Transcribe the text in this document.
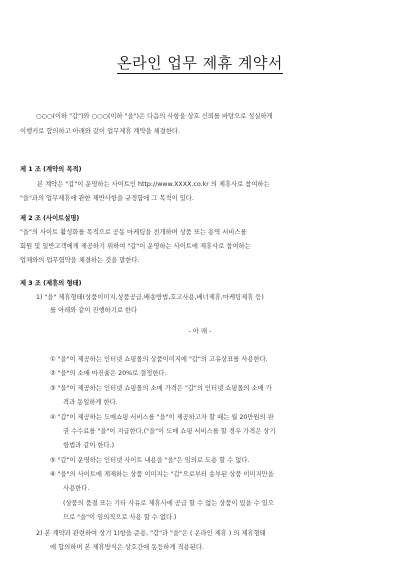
온라인 업무 제휴 계약서
○○○(이하 "갑")와 ○○○(이하 "을")은 다음의 사항을 상호 신뢰를 바탕으로 성실하게
이행키로 합의하고 아래와 같이 업무제휴 계약을 체결한다.
제 1 조 (계약의 목적)
본 계약은 "갑"이 운영하는 사이트인 http://www.XXXX.co.kr 의 제휴사로 참여하는
"을"과의 업무제휴에 관한 제반사항을 규정함에 그 목적이 있다.
제 2 조 (사이트설명)
"을"의 사이트 활성화를 목적으로 공동 마케팅을 전개하며 상품 또는 용역 서비스를
회원 및 일반고객에게 제공하기 위하여 "갑"이 운영하는 사이트에 제휴사로 참여하는
업체와의 업무협약을 체결하는 것을 말한다.
제 3 조 (제휴의 형태)
1) "을" 제휴형태(상품이미지,상품공급,배송방법,호고사용,배너제휴,마케팅제휴 등)
를 아래와 같이 진행하기로 한다
- 아 래 -
① "을"이 제공하는 인터넷 쇼핑몰의 상품이미지에 "갑"의 고유상표를 사용한다.
② "을"의 소매 마진율은 20%로 결정한다.
③ "을"이 제공하는 인터넷 쇼핑몰의 소매 가격은 "갑"의 인터넷 쇼핑몰의 소매 가
격과 동일하게 한다.
④ "갑"이 제공하는 도매쇼핑 서비스를 "을"이 제공하고자 할 때는 월 20만원의 판
권 수수료를 "을"이 지급한다.("을"이 도매 쇼핑 서비스를 할 경우 가격은 상기
항법과 같이 한다.)
⑤ "갑"이 운영하는 인터넷 사이트 내용을 "을"은 임의로 도용 할 수 없다.
⑥ "을"의 사이트에 게재하는 상품 이미지는 "갑"으로부터 송부된 상품 이미지만을
사용한다.
(상품의 품절 또는 기타 사유로 제휴사에 공급 할 수 없는 상품이 있을 수 있으
므로 "을"이 임의적으로 사용 할 수 없다.)
2) 본 계약과 관련하여 상기 1)항을 준용, "갑"과 "을"은 ( 온라인 제휴 ) 의 제휴형태
에 합의하며 본 제휴방식은 상호간에 동등하게 적용된다.
